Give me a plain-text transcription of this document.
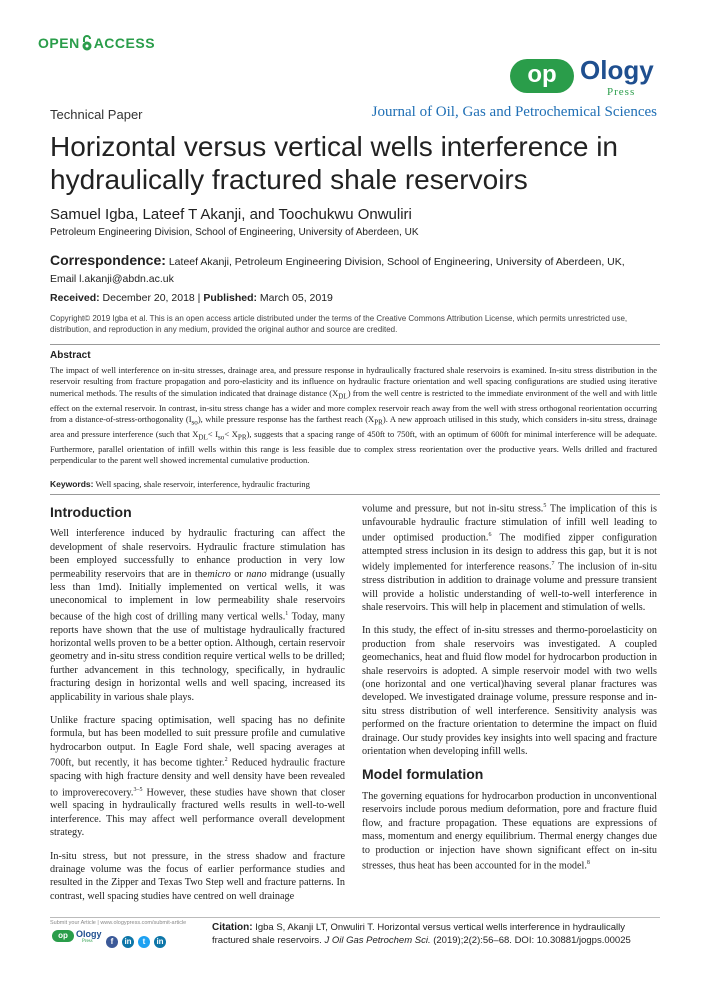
OPEN ACCESS
op Ology
Press
Technical Paper	Journal of Oil, Gas and Petrochemical Sciences
Horizontal versus vertical wells interference in hydraulically fractured shale reservoirs
Samuel Igba, Lateef T Akanji, and Toochukwu Onwuliri
Petroleum Engineering Division, School of Engineering, University of Aberdeen, UK
Correspondence: Lateef Akanji, Petroleum Engineering Division, School of Engineering, University of Aberdeen, UK,
Email l.akanji@abdn.ac.uk
Received: December 20, 2018 | Published: March 05, 2019
Copyright© 2019 Igba et al. This is an open access article distributed under the terms of the Creative Commons Attribution License, which permits unrestricted use, distribution, and reproduction in any medium, provided the original author and source are credited.
Abstract
The impact of well interference on in-situ stresses, drainage area, and pressure response in hydraulically fractured shale reservoirs is examined. In-situ stress distribution in the reservoir resulting from fracture propagation and poro-elasticity and its influence on hydraulic fracture orientation and well spacing configurations are studied using iterative numerical methods. The results of the simulation indicated that drainage distance $(X_{DL})$ from the well centre is restricted to the immediate environment of the well and with little effect on the external reservoir. In contrast, in-situ stress change has a wider and more complex reservoir reach away from the well with stress orthogonal reorientation occurring from a distance-of-stress-orthogonality $(I_{so})$, while pressure response has the farthest reach $(X_{PR})$. A new approach utilised in this study, which considers in-situ stress, drainage area and pressure interference (such that $X_{DL}< I_{so}< X_{PR}$), suggests that a spacing range of 450ft to 750ft, with an optimum of 600ft for minimal interference will be adequate. Furthermore, parallel orientation of infill wells within this range is less feasible due to complex stress reorientation over the productive years. Wells drilled and fractured perpendicular to the parent well showed incremental cumulative production.
Keywords: Well spacing, shale reservoir, interference, hydraulic fracturing
Introduction

Well interference induced by hydraulic fracturing can affect the development of shale reservoirs. Hydraulic fracture stimulation has been employed successfully to enhance production in very low permeability reservoirs that are in themicro or nano midrange (usually less than 1md). Initially implemented on vertical wells, it was uneconomical to implement in low permeability shale reservoirs because of the high cost of drilling many vertical wells.$^1$ Today, many reports have shown that the use of multistage hydraulically fractured horizontal wells proven to be a better option. Although, certain reservoir geometry and in-situ stress condition require vertical wells to be drilled; further advancement in this technology, specifically, in hydraulic fracturing design in horizontal wells and well spacing, increased its applicability in various shale plays.

Unlike fracture spacing optimisation, well spacing has no definite formula, but has been modelled to suit pressure profile and cumulative hydrocarbon output. In Eagle Ford shale, well spacing averages at 700ft, but recently, it has become tighter.$^2$ Reduced hydraulic fracture spacing with high fracture density and well density have been revealed to improverecovery.$^{3-5}$ However, these studies have shown that closer well spacing in hydraulically fractured wells results in well-to-well interference. This may affect well performance overall development strategy.

In-situ stress, but not pressure, in the stress shadow and fracture drainage volume was the focus of earlier performance studies and resulted in the Zipper and Texas Two Step well and fracture patterns. In contrast, well spacing studies have centred on well drainage

volume and pressure, but not in-situ stress.$^5$ The implication of this is unfavourable hydraulic fracture stimulation of infill well leading to under optimised production.$^6$ The modified zipper configuration attempted stress inclusion in its design to address this gap, but it is not widely implemented for interference reasons.$^7$ The inclusion of in-situ stress distribution in addition to drainage volume and pressure transient will provide a holistic understanding of well-to-well interference in shale reservoirs. This will help in placement and stimulation of wells.

In this study, the effect of in-situ stresses and thermo-poroelasticity on production from shale reservoirs was investigated. A coupled geomechanics, heat and fluid flow model for hydrocarbon production in shale reservoirs is adopted. A simple reservoir model with two wells (one horizontal and one vertical)having several planar fractures was developed. We investigated drainage volume, pressure response and in-situ stress distribution of well interference. Sensitivity analysis was performed on the fracture orientation to determine the impact on fluid drainage. Our study provides key insights into well spacing and fracture orientation when developing infill wells.

Model formulation

The governing equations for hydrocarbon production in unconventional reservoirs include porous medium deformation, pore and fracture fluid flow, and fracture propagation. These equations are expressions of mass, momentum and energy equilibrium. Thermal energy changes due to production or injection have shown significant effect on in-situ stresses, thus heat has been accounted for in the model.$^8$

Submit your Article | www.ologypress.com/submit-article
op Ology
Press	f in t in
Citation: Igba S, Akanji LT, Onwuliri T. Horizontal versus vertical wells interference in hydraulically fractured shale reservoirs. J Oil Gas Petrochem Sci. (2019);2(2):56‒68. DOI: 10.30881/jogps.00025
